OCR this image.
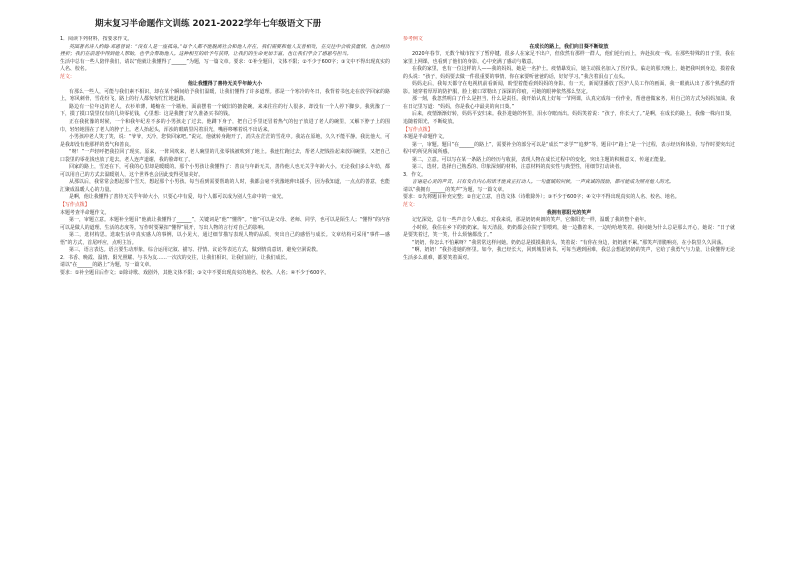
期末复习半命题作文训练 2021-2022学年七年级语文下册

1．阅读下列材料，按要求作文。

英国著名诗人约翰·邓恩曾说：“没有人是一座孤岛。”每个人都不能脱离社会和他人存在，我们需要和他人友善相处，在交往中会收获温情，也会经历挫折；我们在前进中得到他人帮助，也学会帮助他人。这种相互的给予与获得，让我们的生命更加丰富，也让我们学会了感恩与担当。

生活中总有一些人陪伴我们，请以“他就让我懂得了______”为题，写一篇文章。要求：①补全题目，文体不限；②不少于600字；③文中不得出现真实的人名、校名。

范文：

他让我懂得了善待无关乎年龄大小

有那么一些人，可能与我们素不相识，却在某个瞬间给予我们温暖，让我们懂得了许多道理。那是一个寒冷的冬日，我背着书包走在放学回家的路上，寒风刺骨，雪花纷飞，路上的行人都匆匆忙忙地赶路。

路边有一位年迈的老人，衣衫单薄，蜷缩在一个墙角，面前摆着一个破旧的搪瓷碗。来来往往的行人很多，却没有一个人停下脚步。我犹豫了一下，摸了摸口袋里仅有的几块零花钱，心里想：这是我攒了好久准备买书的钱。

正在我犹豫的时候，一个和我年纪差不多的小男孩走了过去。他蹲下身子，把自己手里还冒着热气的包子放进了老人的碗里，又解下脖子上的围巾，轻轻地围在了老人的脖子上。老人抬起头，浑浊的眼睛里闪着泪光，嘴唇哆嗦着说不出话来。

小男孩冲老人笑了笑，说：“爷爷，天冷，您快回家吧。”说完，他就转身跑开了，消失在茫茫的雪花中。我站在原地，久久不能平静。我比他大，可是我却没有他那样的勇气和善良。

“呀！”一声轻呼把我拉回了现实。原来，一阵风吹来，老人碗里的几张零钱被吹到了地上。我连忙跑过去，帮老人把钱捡起来放回碗里，又把自己口袋里的零花钱也放了进去。老人连声道谢，我的脸却红了。

回家的路上，雪还在下，可我的心里却是暖暖的。那个小男孩让我懂得了：善良与年龄无关，善待他人也无关乎年龄大小。无论我们多么年幼，都可以用自己的方式去温暖别人，这个世界也会因此变得更加美好。

从那以后，我常常会想起那个雪天，想起那个小男孩。每当看到需要帮助的人时，我都会毫不犹豫地伸出援手，因为我知道，一点点的善意，也能汇聚成温暖人心的力量。

是啊，他让我懂得了善待无关乎年龄大小，只要心中有爱，每个人都可以成为别人生命中的一束光。

【写作点拨】

本题考查半命题作文。

第一，审题立意。本题补全题目“他就让我懂得了______”，关键词是“他”“懂得”。“他”可以是父母、老师、同学，也可以是陌生人；“懂得”的内容可以是做人的道理、生活的态度等。写作时要紧扣“懂得”展开，写出人物的言行对自己的影响。

第二，选材构思。选取生活中真实感人的事例，以小见大，通过细节描写表现人物的品质，突出自己的感悟与成长。文章结构可采用“事件—感悟”的方式，首尾呼应，点明主旨。

第三，语言表达。语言要生动形象，综合运用记叙、描写、抒情、议论等表达方式，做到情真意切，避免空洞说教。

2．书香、晚霞、温情、阳光照耀、与书为友……一次次的交往，让我们相识，让我们前行，让我们成长。

请以“在______的路上”为题，写一篇文章。

要求：①补全题目后作文；②除诗歌、戏剧外，其他文体不限；③文中不要出现真实的地名、校名、人名；④不少于600字。

参考例文

在成长的路上，我们向日葵不断绽放

2020年春节，无数个城市按下了暂停键，很多人在家足不出户，但依然有那样一群人，他们逆行而上，奔赴抗疫一线。在那些特殊的日子里，我在家里上网课，也看到了他们的身影，心中充满了感动与敬意。

在我的家里，也有一位这样的人——我的妈妈。她是一名护士。疫情暴发后，她主动报名加入了医疗队。临走的那天晚上，她把我叫到身边，摸着我的头说：“孩子，妈妈要去做一件很重要的事情，你在家要听爸爸的话，好好学习。”我含着泪点了点头。

妈妈走后，我每天都守在电视机前看新闻，盼望着能看到妈妈的身影。有一天，新闻里播放了医护人员工作的画面，我一眼就认出了那个熟悉的背影。她穿着厚厚的防护服，脸上被口罩勒出了深深的印痕，可她的眼神依然那么坚定。

那一刻，我忽然明白了什么是担当，什么是责任。我开始认真上好每一节网课，认真完成每一份作业，帮爸爸做家务，用自己的方式为妈妈加油。我在日记里写道：“妈妈，你是我心中最美的向日葵。”

后来，疫情渐渐好转，妈妈平安归来。我扑进她的怀里，泪水夺眶而出。妈妈笑着说：“孩子，你长大了。”是啊，在成长的路上，我像一株向日葵，追随着阳光，不断绽放。

【写作点拨】

本题是半命题作文。

第一，审题。题目“在______的路上”，需要补全的部分可以是“成长”“求学”“追梦”等，题目中“路上”是一个过程，表示经历和体验，写作时要突出过程中的所见所闻所感。

第二，立意。可以写在某一条路上的经历与收获，表现人物在成长过程中的变化，突出主题的积极意义，传递正能量。

第三，选材。选择自己熟悉的、印象深刻的材料，注意材料的真实性与典型性，用细节打动读者。

3．作文。

言语是心灵的声音，只有发自内心的话才能真正打动人。一句温暖的问候，一声真诚的鼓励，都可能成为照亮他人的光。

请以“我拥有______的笑声”为题，写一篇文章。

要求：①先将题目补充完整；②自定立意，自选文体（诗歌除外）；③不少于600字；④文中不得出现真实的人名、校名、地名。

范文：

我拥有那阳光的笑声

记忆深处，总有一些声音令人难忘。对我来说，那是奶奶爽朗的笑声，它像阳光一样，温暖了我的整个童年。

小时候，我住在乡下的奶奶家。每天清晨，奶奶都会在院子里喂鸡，她一边撒着米，一边哈哈地笑着。我问她为什么总是那么开心，她说：“日子就是要笑着过，笑一笑，什么烦恼都没了。”

“奶奶，你怎么不怕累呀？”我常常这样问她。奶奶总是摸摸我的头，笑着说：“有你在身边，奶奶就不累。”那笑声清脆响亮，在小院里久久回荡。

“啊，奶奶！”我扑进她的怀里。如今，我已经长大，回到城里读书，可每当遇到困难，我总会想起奶奶的笑声，它给了我勇气与力量，让我懂得无论生活多么艰难，都要笑着面对。
